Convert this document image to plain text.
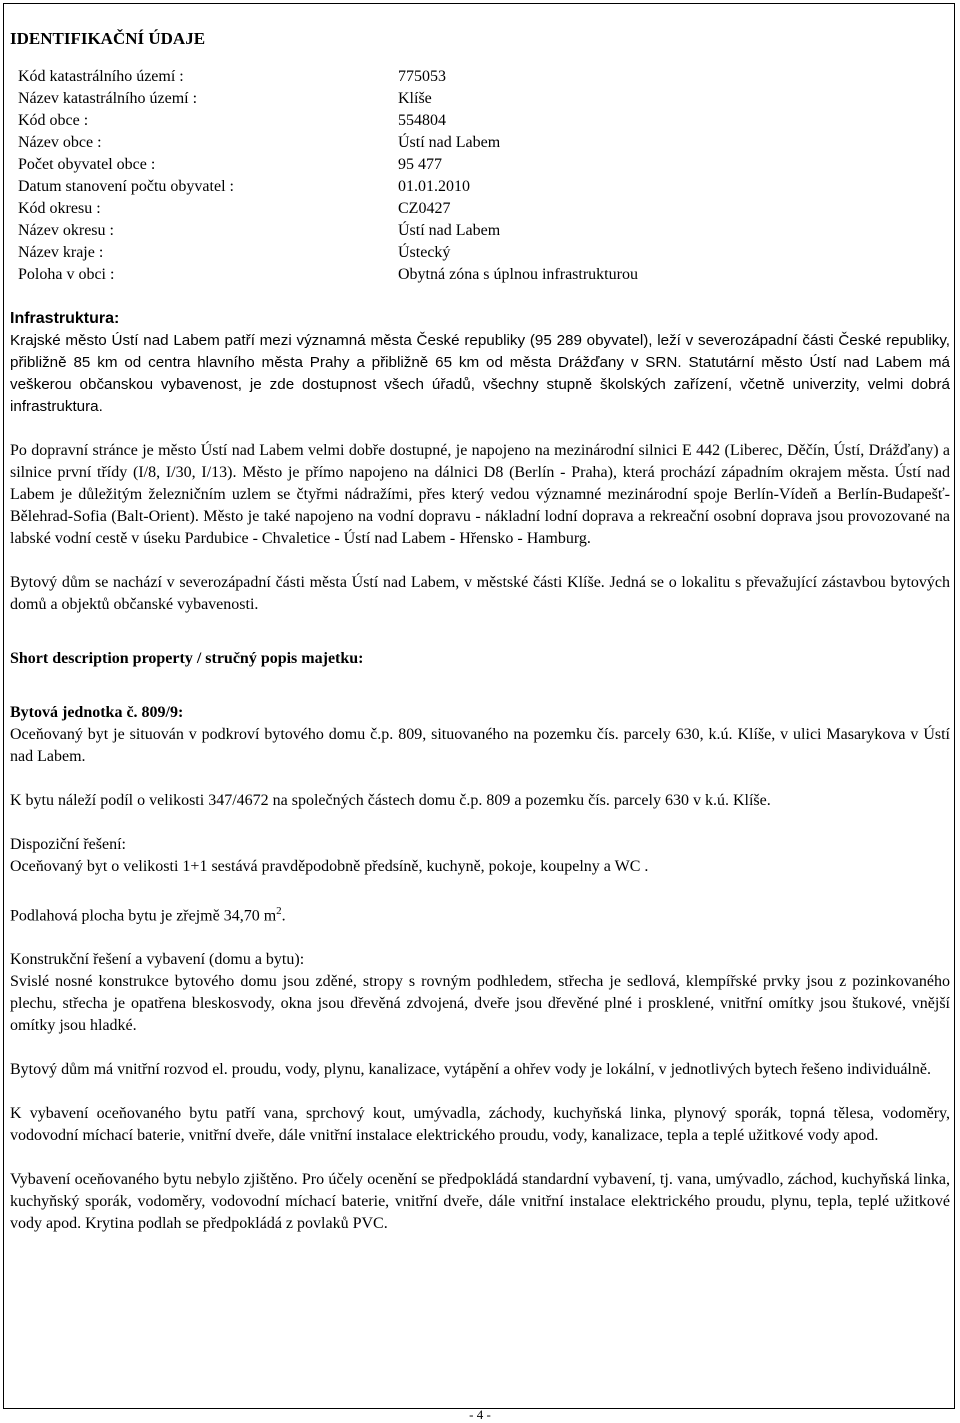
IDENTIFIKAČNÍ ÚDAJE
Kód katastrálního území :	775053
Název katastrálního území :	Klíše
Kód obce :	554804
Název obce :	Ústí nad Labem
Počet obyvatel obce :	95 477
Datum stanovení počtu obyvatel :	01.01.2010
Kód okresu :	CZ0427
Název okresu :	Ústí nad Labem
Název kraje :	Ústecký
Poloha v obci :	Obytná zóna s úplnou infrastrukturou
Infrastruktura:

Krajské město Ústí nad Labem patří mezi významná města České republiky (95 289 obyvatel), leží v severozápadní části České republiky, přibližně 85 km od centra hlavního města Prahy a přibližně 65 km od města Drážďany v SRN. Statutární město Ústí nad Labem má veškerou občanskou vybavenost, je zde dostupnost všech úřadů, všechny stupně školských zařízení, včetně univerzity, velmi dobrá infrastruktura.

Po dopravní stránce je město Ústí nad Labem velmi dobře dostupné, je napojeno na mezinárodní silnici E 442 (Liberec, Děčín, Ústí, Drážďany) a silnice první třídy (I/8, I/30, I/13). Město je přímo napojeno na dálnici D8 (Berlín - Praha), která prochází západním okrajem města. Ústí nad Labem je důležitým železničním uzlem se čtyřmi nádražími, přes který vedou významné mezinárodní spoje Berlín-Vídeň a Berlín-Budapešť-Bělehrad-Sofia (Balt-Orient). Město je také napojeno na vodní dopravu - nákladní lodní doprava a rekreační osobní doprava jsou provozované na labské vodní cestě v úseku Pardubice - Chvaletice - Ústí nad Labem - Hřensko - Hamburg.

Bytový dům se nachází v severozápadní části města Ústí nad Labem, v městské části Klíše. Jedná se o lokalitu s převažující zástavbou bytových domů a objektů občanské vybavenosti.

Short description property / stručný popis majetku:
Bytová jednotka č. 809/9:

Oceňovaný byt je situován v podkroví bytového domu č.p. 809, situovaného na pozemku čís. parcely 630, k.ú. Klíše, v ulici Masarykova v Ústí nad Labem.

K bytu náleží podíl o velikosti 347/4672 na společných částech domu č.p. 809 a pozemku čís. parcely 630 v k.ú. Klíše.

Dispoziční řešení:

Oceňovaný byt o velikosti 1+1 sestává pravděpodobně předsíně, kuchyně, pokoje, koupelny a WC .

Podlahová plocha bytu je zřejmě 34,70 $m^2$.

Konstrukční řešení a vybavení (domu a bytu):

Svislé nosné konstrukce bytového domu jsou zděné, stropy s rovným podhledem, střecha je sedlová, klempířské prvky jsou z pozinkovaného plechu, střecha je opatřena bleskosvody, okna jsou dřevěná zdvojená, dveře jsou dřevěné plné i prosklené, vnitřní omítky jsou štukové, vnější omítky jsou hladké.

Bytový dům má vnitřní rozvod el. proudu, vody, plynu, kanalizace, vytápění a ohřev vody je lokální, v jednotlivých bytech řešeno individuálně.

K vybavení oceňovaného bytu patří vana, sprchový kout, umývadla, záchody, kuchyňská linka, plynový sporák, topná tělesa, vodoměry, vodovodní míchací baterie, vnitřní dveře, dále vnitřní instalace elektrického proudu, vody, kanalizace, tepla a teplé užitkové vody apod.

Vybavení oceňovaného bytu nebylo zjištěno. Pro účely ocenění se předpokládá standardní vybavení, tj. vana, umývadlo, záchod, kuchyňská linka, kuchyňský sporák, vodoměry, vodovodní míchací baterie, vnitřní dveře, dále vnitřní instalace elektrického proudu, plynu, tepla, teplé užitkové vody apod. Krytina podlah se předpokládá z povlaků PVC.

- 4 -
